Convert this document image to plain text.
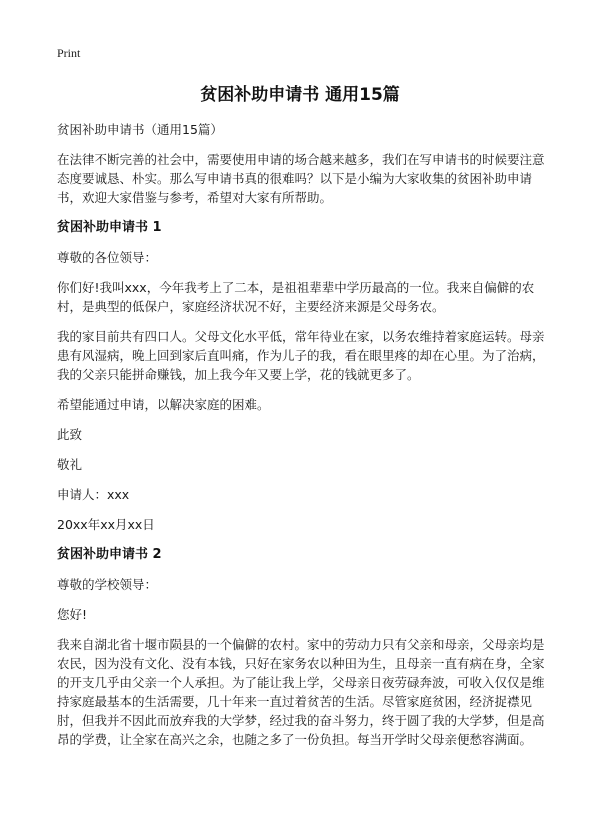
Print
贫困补助申请书 通用15篇
贫困补助申请书（通用15篇）
在法律不断完善的社会中，需要使用申请的场合越来越多，我们在写申请书的时候要注意态度要诚恳、朴实。那么写申请书真的很难吗？以下是小编为大家收集的贫困补助申请书，欢迎大家借鉴与参考，希望对大家有所帮助。
贫困补助申请书 1
尊敬的各位领导：
你们好!我叫xxx，今年我考上了二本，是祖祖辈辈中学历最高的一位。我来自偏僻的农村，是典型的低保户，家庭经济状况不好，主要经济来源是父母务农。
我的家目前共有四口人。父母文化水平低，常年待业在家，以务农维持着家庭运转。母亲患有风湿病，晚上回到家后直叫痛，作为儿子的我，看在眼里疼的却在心里。为了治病，我的父亲只能拼命赚钱，加上我今年又要上学，花的钱就更多了。
希望能通过申请，以解决家庭的困难。
此致
敬礼
申请人：xxx
20xx年xx月xx日
贫困补助申请书 2
尊敬的学校领导：
您好!
我来自湖北省十堰市陨县的一个偏僻的农村。家中的劳动力只有父亲和母亲，父母亲均是农民，因为没有文化、没有本钱，只好在家务农以种田为生，且母亲一直有病在身，全家的开支几乎由父亲一个人承担。为了能让我上学，父母亲日夜劳碌奔波，可收入仅仅是维持家庭最基本的生活需要，几十年来一直过着贫苦的生活。尽管家庭贫困，经济捉襟见肘，但我并不因此而放弃我的大学梦，经过我的奋斗努力，终于圆了我的大学梦，但是高昂的学费，让全家在高兴之余，也随之多了一份负担。每当开学时父母亲便愁容满面。
